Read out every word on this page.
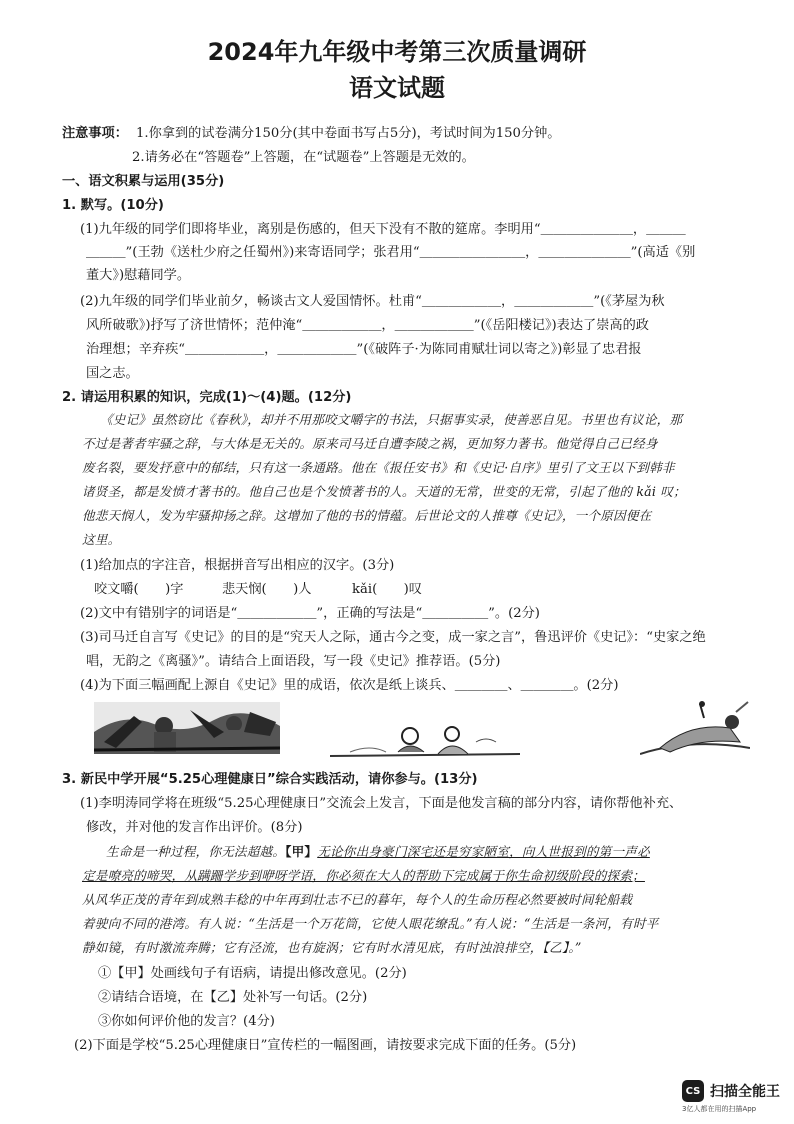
2024年九年级中考第三次质量调研
语文试题
注意事项： 1.你拿到的试卷满分150分(其中卷面书写占5分)，考试时间为150分钟。
2.请务必在“答题卷”上答题，在“试题卷”上答题是无效的。
一、语文积累与运用(35分)
1. 默写。(10分)
(1)九年级的同学们即将毕业，离别是伤感的，但天下没有不散的筵席。李明用“＿＿＿＿＿＿＿，＿＿＿
＿＿＿”(王勃《送杜少府之任蜀州》)来寄语同学；张君用“＿＿＿＿＿＿＿＿，＿＿＿＿＿＿＿”(高适《别
董大》)慰藉同学。
(2)九年级的同学们毕业前夕，畅谈古文人爱国情怀。杜甫“＿＿＿＿＿＿，＿＿＿＿＿＿”(《茅屋为秋
风所破歌》)抒写了济世情怀；范仲淹“＿＿＿＿＿＿，＿＿＿＿＿＿”(《岳阳楼记》)表达了崇高的政
治理想；辛弃疾“＿＿＿＿＿＿，＿＿＿＿＿＿”(《破阵子·为陈同甫赋壮词以寄之》)彰显了忠君报
国之志。
2. 请运用积累的知识，完成(1)～(4)题。(12分)
《史记》虽然窃比《春秋》，却并不用那咬文嚼字的书法，只据事实录，使善恶自见。书里也有议论，那
不过是著者牢骚之辞，与大体是无关的。原来司马迁自遭李陵之祸，更加努力著书。他觉得自己已经身
废名裂，要发抒意中的郁结，只有这一条通路。他在《报任安书》和《史记·自序》里引了文王以下到韩非
诸贤圣，都是发愤才著书的。他自己也是个发愤著书的人。天道的无常，世变的无常，引起了他的 kǎi 叹；
他悲天悯人，发为牢骚抑扬之辞。这增加了他的书的情蕴。后世论文的人推尊《史记》，一个原因便在
这里。
(1)给加点的字注音，根据拼音写出相应的汉字。(3分)
咬文嚼(　　)字	悲天悯(　　)人	kǎi(　　)叹
(2)文中有错别字的词语是“＿＿＿＿＿＿”，正确的写法是“＿＿＿＿＿”。(2分)
(3)司马迁自言写《史记》的目的是“究天人之际，通古今之变，成一家之言”，鲁迅评价《史记》：“史家之绝
唱，无韵之《离骚》”。请结合上面语段，写一段《史记》推荐语。(5分)
(4)为下面三幅画配上源自《史记》里的成语，依次是纸上谈兵、＿＿＿＿、＿＿＿＿。(2分)
3. 新民中学开展“5.25心理健康日”综合实践活动，请你参与。(13分)
(1)李明涛同学将在班级“5.25心理健康日”交流会上发言，下面是他发言稿的部分内容，请你帮他补充、
修改，并对他的发言作出评价。(8分)
生命是一种过程，你无法超越。【甲】无论你出身豪门深宅还是穷家陋室，向人世报到的第一声必
定是嘹亮的啼哭，从蹒跚学步到咿呀学语，你必须在大人的帮助下完成属于你生命初级阶段的探索；
从风华正茂的青年到成熟丰稔的中年再到壮志不已的暮年，每个人的生命历程必然要被时间轮船载
着驶向不同的港湾。有人说：“生活是一个万花筒，它使人眼花缭乱。”有人说：“生活是一条河，有时平
静如镜，有时激流奔腾；它有泾流，也有旋涡；它有时水清见底，有时浊浪排空，【乙】。”
①【甲】处画线句子有语病，请提出修改意见。(2分)
②请结合语境，在【乙】处补写一句话。(2分)
③你如何评价他的发言？(4分)
(2)下面是学校“5.25心理健康日”宣传栏的一幅图画，请按要求完成下面的任务。(5分)
CS 扫描全能王
3亿人都在用的扫描App
